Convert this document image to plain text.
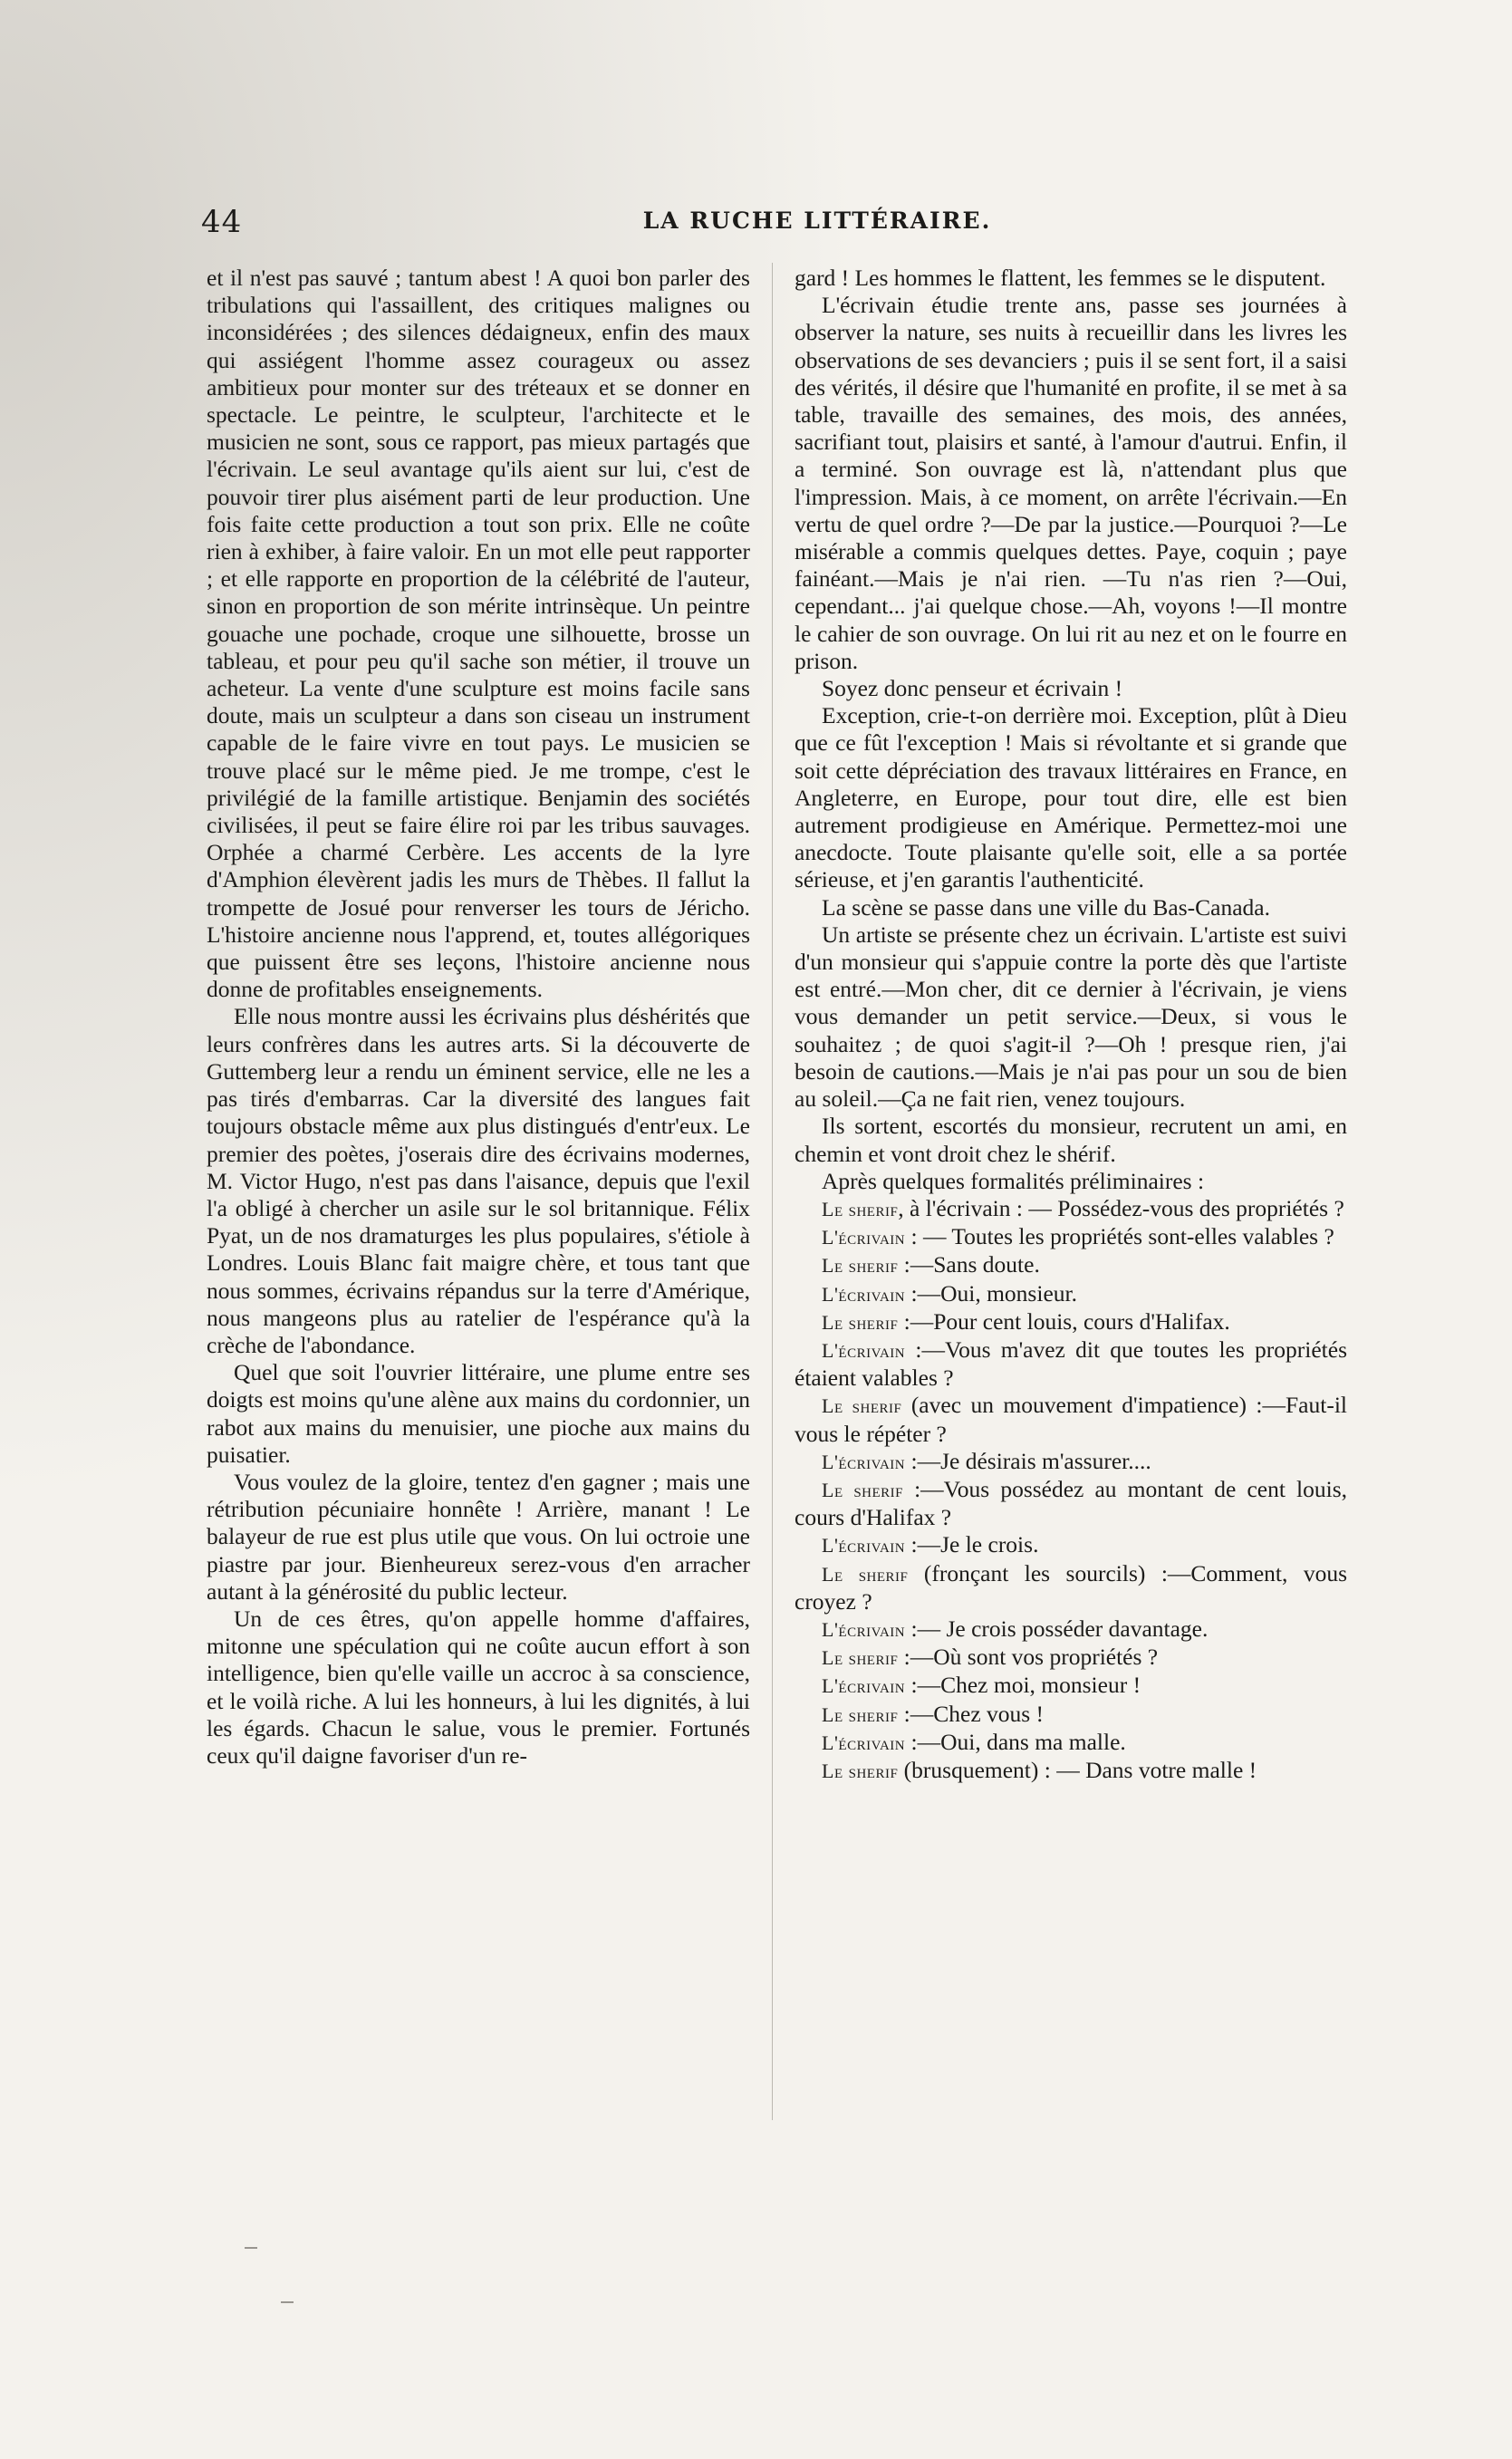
44	LA RUCHE LITTÉRAIRE.

et il n'est pas sauvé ; tantum abest ! A quoi bon parler des tribulations qui l'assaillent, des critiques malignes ou inconsidérées ; des silences dédaigneux, enfin des maux qui assiégent l'homme assez courageux ou assez ambitieux pour monter sur des tréteaux et se donner en spectacle. Le peintre, le sculpteur, l'architecte et le musicien ne sont, sous ce rapport, pas mieux partagés que l'écrivain. Le seul avantage qu'ils aient sur lui, c'est de pouvoir tirer plus aisément parti de leur production. Une fois faite cette production a tout son prix. Elle ne coûte rien à exhiber, à faire valoir. En un mot elle peut rapporter ; et elle rapporte en proportion de la célébrité de l'auteur, sinon en proportion de son mérite intrinsèque. Un peintre gouache une pochade, croque une silhouette, brosse un tableau, et pour peu qu'il sache son métier, il trouve un acheteur. La vente d'une sculpture est moins facile sans doute, mais un sculpteur a dans son ciseau un instrument capable de le faire vivre en tout pays. Le musicien se trouve placé sur le même pied. Je me trompe, c'est le privilégié de la famille artistique. Benjamin des sociétés civilisées, il peut se faire élire roi par les tribus sauvages. Orphée a charmé Cerbère. Les accents de la lyre d'Amphion élevèrent jadis les murs de Thèbes. Il fallut la trompette de Josué pour renverser les tours de Jéricho. L'histoire ancienne nous l'apprend, et, toutes allégoriques que puissent être ses leçons, l'histoire ancienne nous donne de profitables enseignements.

Elle nous montre aussi les écrivains plus déshérités que leurs confrères dans les autres arts. Si la découverte de Guttemberg leur a rendu un éminent service, elle ne les a pas tirés d'embarras. Car la diversité des langues fait toujours obstacle même aux plus distingués d'entr'eux. Le premier des poètes, j'oserais dire des écrivains modernes, M. Victor Hugo, n'est pas dans l'aisance, depuis que l'exil l'a obligé à chercher un asile sur le sol britannique. Félix Pyat, un de nos dramaturges les plus populaires, s'étiole à Londres. Louis Blanc fait maigre chère, et tous tant que nous sommes, écrivains répandus sur la terre d'Amérique, nous mangeons plus au ratelier de l'espérance qu'à la crèche de l'abondance.

Quel que soit l'ouvrier littéraire, une plume entre ses doigts est moins qu'une alène aux mains du cordonnier, un rabot aux mains du menuisier, une pioche aux mains du puisatier.

Vous voulez de la gloire, tentez d'en gagner ; mais une rétribution pécuniaire honnête ! Arrière, manant ! Le balayeur de rue est plus utile que vous. On lui octroie une piastre par jour. Bienheureux serez-vous d'en arracher autant à la générosité du public lecteur.

Un de ces êtres, qu'on appelle homme d'affaires, mitonne une spéculation qui ne coûte aucun effort à son intelligence, bien qu'elle vaille un accroc à sa conscience, et le voilà riche. A lui les honneurs, à lui les dignités, à lui les égards. Chacun le salue, vous le premier. Fortunés ceux qu'il daigne favoriser d'un re-

gard ! Les hommes le flattent, les femmes se le disputent.

L'écrivain étudie trente ans, passe ses journées à observer la nature, ses nuits à recueillir dans les livres les observations de ses devanciers ; puis il se sent fort, il a saisi des vérités, il désire que l'humanité en profite, il se met à sa table, travaille des semaines, des mois, des années, sacrifiant tout, plaisirs et santé, à l'amour d'autrui. Enfin, il a terminé. Son ouvrage est là, n'attendant plus que l'impression. Mais, à ce moment, on arrête l'écrivain.—En vertu de quel ordre ?—De par la justice.—Pourquoi ?—Le misérable a commis quelques dettes. Paye, coquin ; paye fainéant.—Mais je n'ai rien. —Tu n'as rien ?—Oui, cependant... j'ai quelque chose.—Ah, voyons !—Il montre le cahier de son ouvrage. On lui rit au nez et on le fourre en prison.

Soyez donc penseur et écrivain !

Exception, crie-t-on derrière moi. Exception, plût à Dieu que ce fût l'exception ! Mais si révoltante et si grande que soit cette dépréciation des travaux littéraires en France, en Angleterre, en Europe, pour tout dire, elle est bien autrement prodigieuse en Amérique. Permettez-moi une anecdocte. Toute plaisante qu'elle soit, elle a sa portée sérieuse, et j'en garantis l'authenticité.

La scène se passe dans une ville du Bas-Canada.

Un artiste se présente chez un écrivain. L'artiste est suivi d'un monsieur qui s'appuie contre la porte dès que l'artiste est entré.—Mon cher, dit ce dernier à l'écrivain, je viens vous demander un petit service.—Deux, si vous le souhaitez ; de quoi s'agit-il ?—Oh ! presque rien, j'ai besoin de cautions.—Mais je n'ai pas pour un sou de bien au soleil.—Ça ne fait rien, venez toujours.

Ils sortent, escortés du monsieur, recrutent un ami, en chemin et vont droit chez le shérif.

Après quelques formalités préliminaires :

Le sherif, à l'écrivain : — Possédez-vous des propriétés ?

L'écrivain : — Toutes les propriétés sont-elles valables ?

Le sherif :—Sans doute.

L'écrivain :—Oui, monsieur.

Le sherif :—Pour cent louis, cours d'Halifax.

L'écrivain :—Vous m'avez dit que toutes les propriétés étaient valables ?

Le sherif (avec un mouvement d'impatience) :—Faut-il vous le répéter ?

L'écrivain :—Je désirais m'assurer....

Le sherif :—Vous possédez au montant de cent louis, cours d'Halifax ?

L'écrivain :—Je le crois.

Le sherif (fronçant les sourcils) :—Comment, vous croyez ?

L'écrivain :— Je crois posséder davantage.

Le sherif :—Où sont vos propriétés ?

L'écrivain :—Chez moi, monsieur !

Le sherif :—Chez vous !

L'écrivain :—Oui, dans ma malle.

Le sherif (brusquement) : — Dans votre malle !
